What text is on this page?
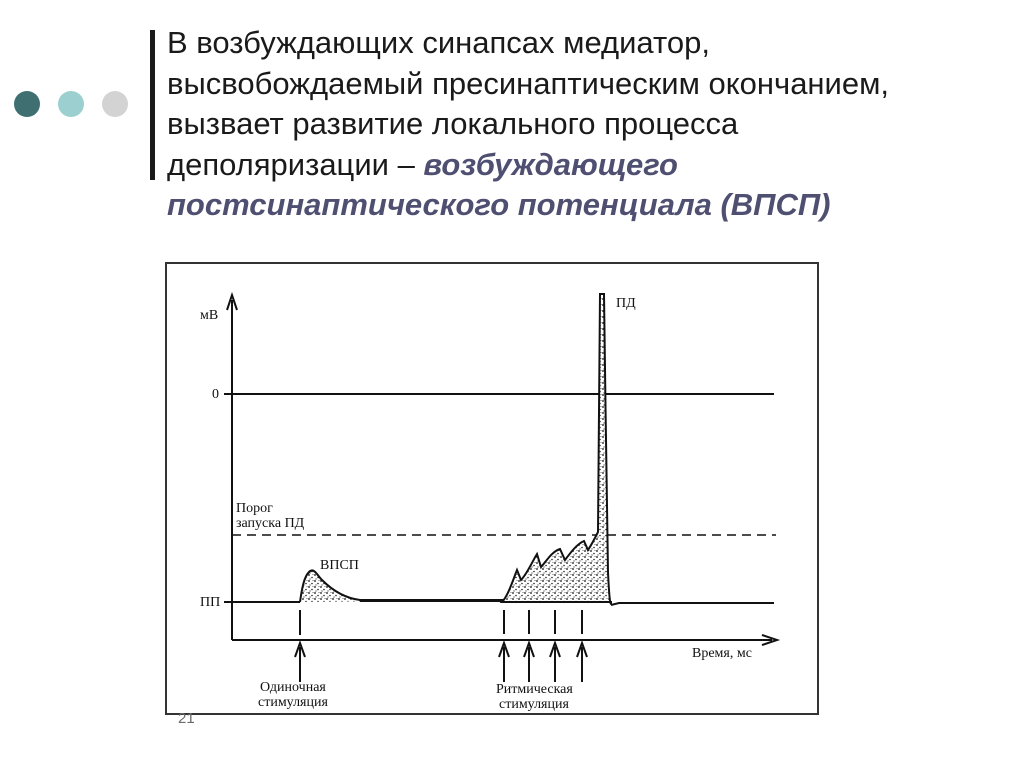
В возбуждающих синапсах медиатор,
высвобождаемый пресинаптическим окончанием,
вызвает развитие локального процесса
деполяризации – возбуждающего
постсинаптического потенциала (ВПСП)
мВ
0
Порог
запуска ПД
ПП
ВПСП
ПД
Время, мс
Одиночная
стимуляция
Ритмическая
стимуляция
21
